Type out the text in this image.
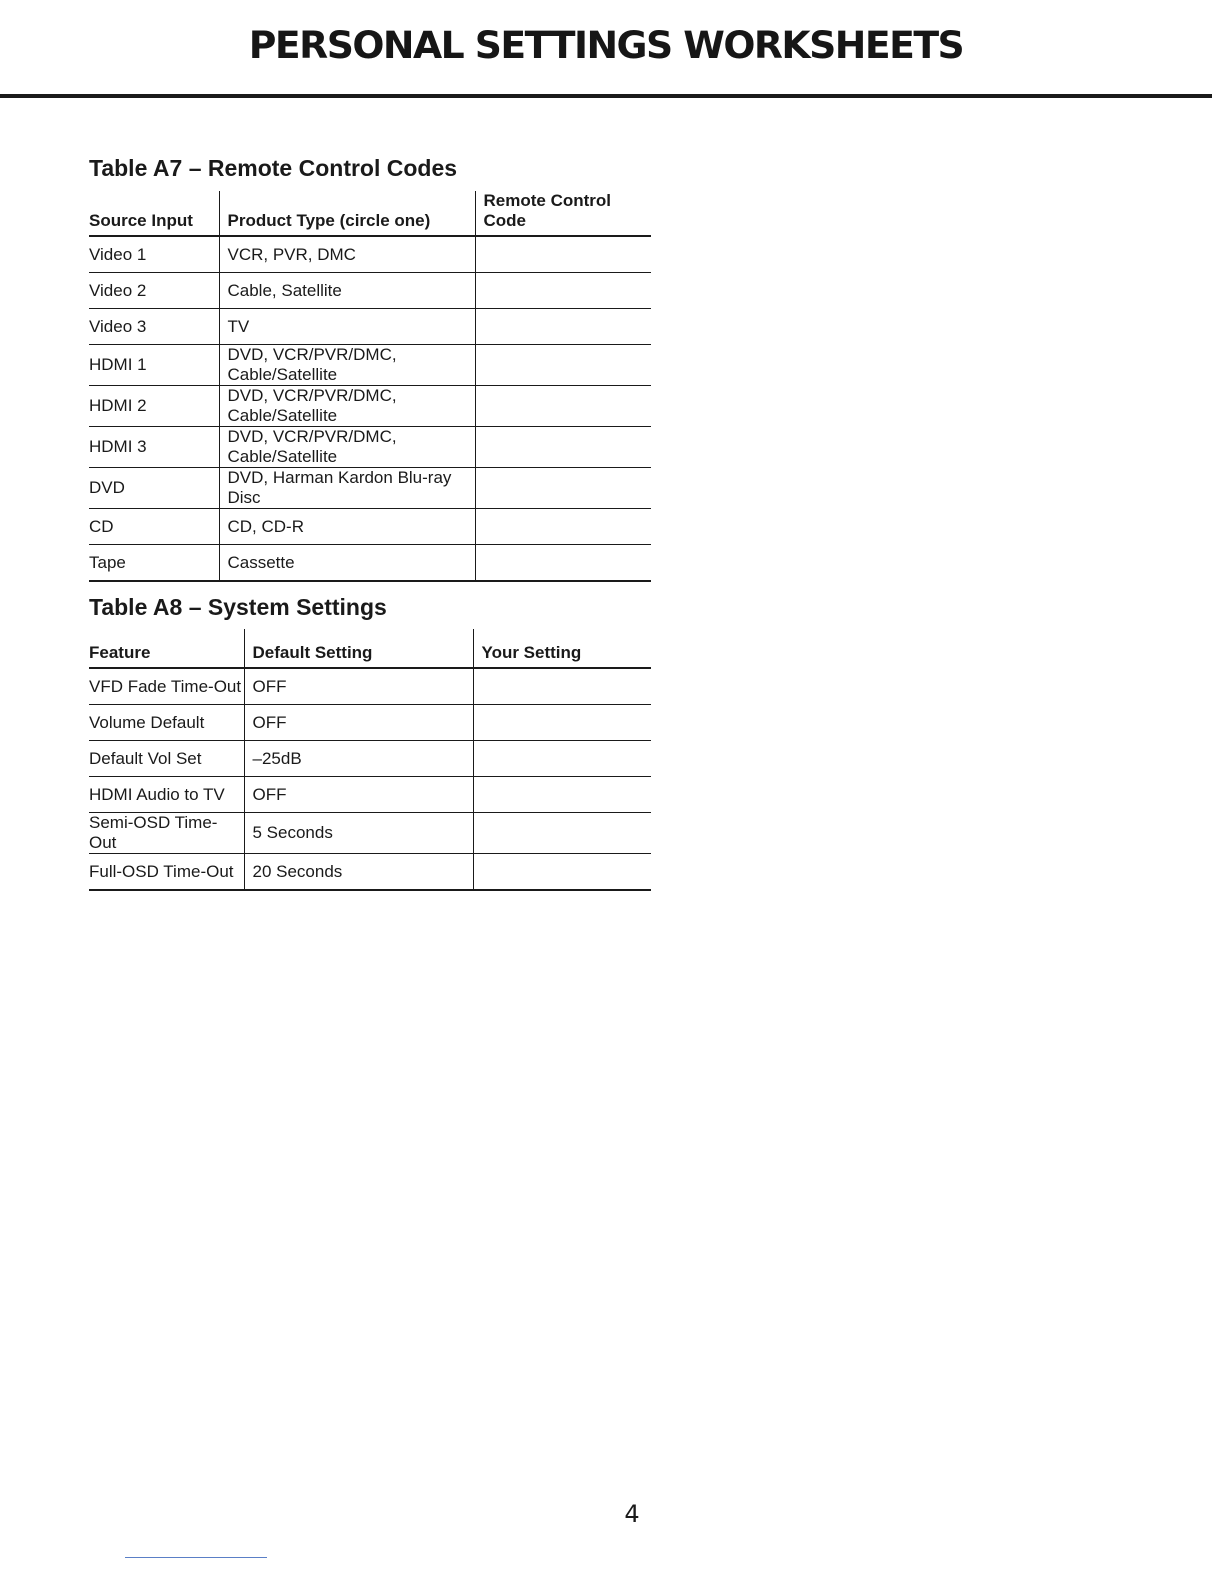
PERSONAL SETTINGS WORKSHEETS
Table A7 – Remote Control Codes
Source Input	Product Type (circle one)	Remote Control Code
Video 1	VCR, PVR, DMC	
Video 2	Cable, Satellite	
Video 3	TV	
HDMI 1	DVD, VCR/PVR/DMC, Cable/Satellite	
HDMI 2	DVD, VCR/PVR/DMC, Cable/Satellite	
HDMI 3	DVD, VCR/PVR/DMC, Cable/Satellite	
DVD	DVD, Harman Kardon Blu-ray Disc	
CD	CD, CD-R	
Tape	Cassette	
Table A8 – System Settings
Feature	Default Setting	Your Setting
VFD Fade Time-Out	OFF	
Volume Default	OFF	
Default Vol Set	–25dB	
HDMI Audio to TV	OFF	
Semi-OSD Time-Out	5 Seconds	
Full-OSD Time-Out	20 Seconds	
4
